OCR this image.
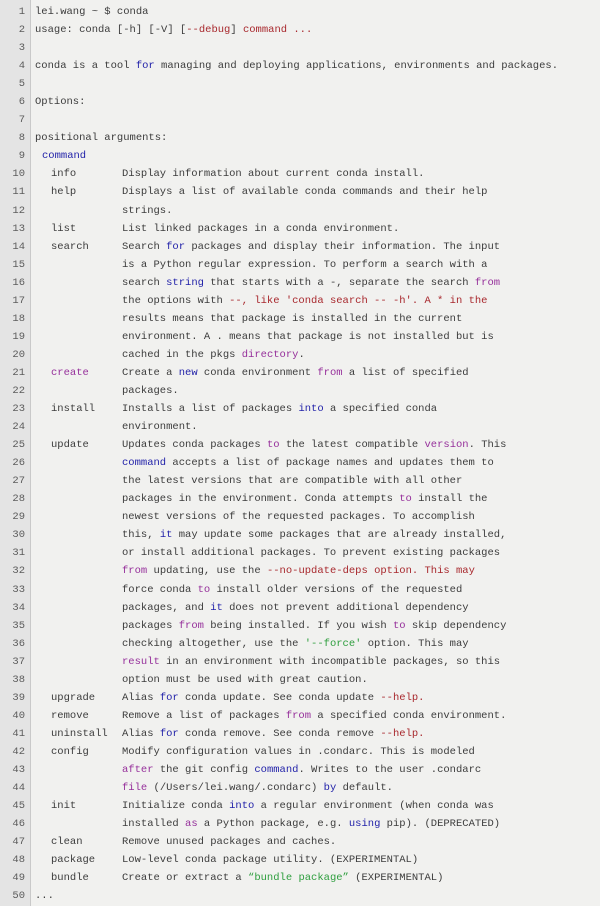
1 lei.wang ~ $ conda
2 usage: conda [-h] [-V] [--debug] command ...
3
4 conda is a tool for managing and deploying applications, environments and packages.
5
6 Options:
7
8 positional arguments:
9	command
10	info	Display information about current conda install.
11	help	Displays a list of available conda commands and their help
12	strings.
13	list	List linked packages in a conda environment.
14	search	Search for packages and display their information. The input
15	is a Python regular expression. To perform a search with a
16	search string that starts with a -, separate the search from
17	the options with --, like 'conda search -- -h'. A * in the
18	results means that package is installed in the current
19	environment. A . means that package is not installed but is
20	cached in the pkgs directory.
21	create	Create a new conda environment from a list of specified
22	packages.
23	install	Installs a list of packages into a specified conda
24	environment.
25	update	Updates conda packages to the latest compatible version. This
26	command accepts a list of package names and updates them to
27	the latest versions that are compatible with all other
28	packages in the environment. Conda attempts to install the
29	newest versions of the requested packages. To accomplish
30	this, it may update some packages that are already installed,
31	or install additional packages. To prevent existing packages
32	from updating, use the --no-update-deps option. This may
33	force conda to install older versions of the requested
34	packages, and it does not prevent additional dependency
35	packages from being installed. If you wish to skip dependency
36	checking altogether, use the '--force' option. This may
37	result in an environment with incompatible packages, so this
38	option must be used with great caution.
39	upgrade	Alias for conda update. See conda update --help.
40	remove	Remove a list of packages from a specified conda environment.
41	uninstall Alias for conda remove. See conda remove --help.
42	config	Modify configuration values in .condarc. This is modeled
43	after the git config command. Writes to the user .condarc
44	file (/Users/lei.wang/.condarc) by default.
45	init	Initialize conda into a regular environment (when conda was
46	installed as a Python package, e.g. using pip). (DEPRECATED)
47	clean	Remove unused packages and caches.
48	package	Low-level conda package utility. (EXPERIMENTAL)
49	bundle	Create or extract a “bundle package” (EXPERIMENTAL)
50 ...
